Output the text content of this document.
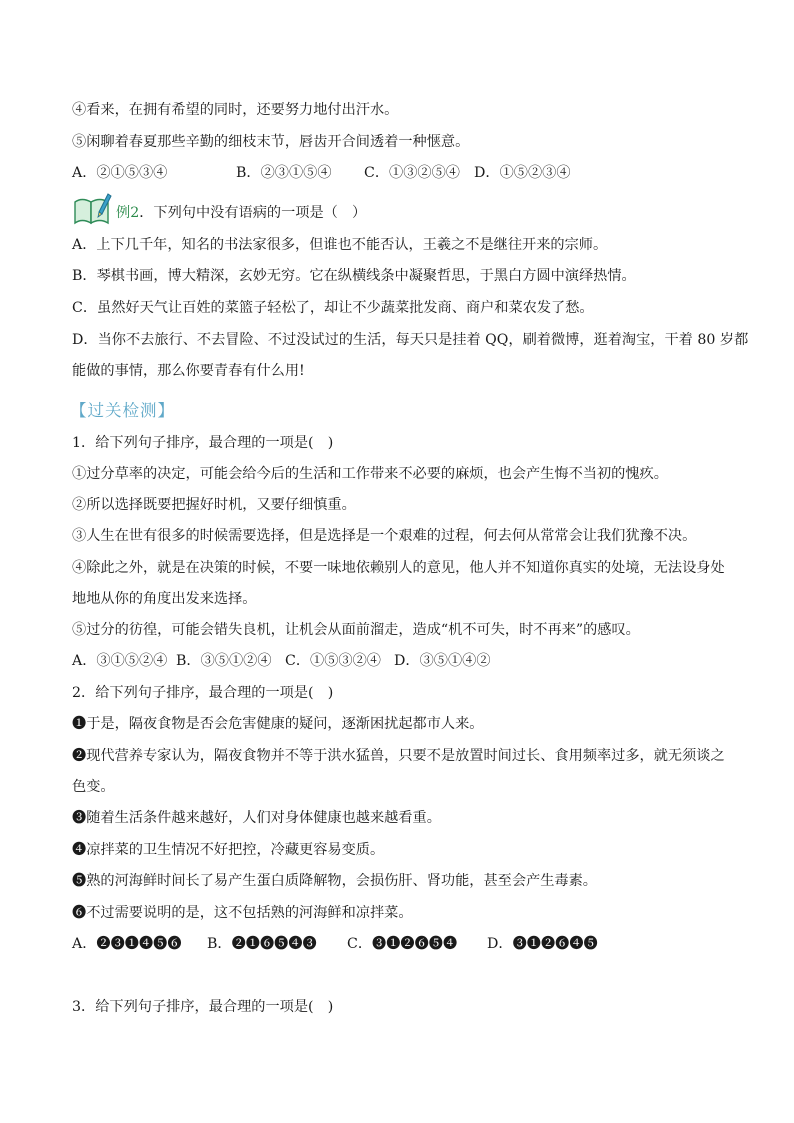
④看来，在拥有希望的同时，还要努力地付出汗水。
⑤闲聊着春夏那些辛勤的细枝末节，唇齿开合间透着一种惬意。
A．②①⑤③④	B．②③①⑤④ C．①③②⑤④ D．①⑤②③④
例2．下列句中没有语病的一项是（　）
A．上下几千年，知名的书法家很多，但谁也不能否认，王羲之不是继往开来的宗师。
B．琴棋书画，博大精深，玄妙无穷。它在纵横线条中凝聚哲思，于黑白方圆中演绎热情。
C．虽然好天气让百姓的菜篮子轻松了，却让不少蔬菜批发商、商户和菜农发了愁。
D．当你不去旅行、不去冒险、不过没试过的生活，每天只是挂着 QQ，刷着微博，逛着淘宝，干着 80 岁都
能做的事情，那么你要青春有什么用!
【过关检测】
1．给下列句子排序，最合理的一项是(　)
①过分草率的决定，可能会给今后的生活和工作带来不必要的麻烦，也会产生悔不当初的愧疚。
②所以选择既要把握好时机，又要仔细慎重。
③人生在世有很多的时候需要选择，但是选择是一个艰难的过程，何去何从常常会让我们犹豫不决。
④除此之外，就是在决策的时候，不要一味地依赖别人的意见，他人并不知道你真实的处境，无法设身处
地地从你的角度出发来选择。
⑤过分的彷徨，可能会错失良机，让机会从面前溜走，造成“机不可失，时不再来”的感叹。
A．③①⑤②④ B．③⑤①②④ C．①⑤③②④ D．③⑤①④②
2．给下列句子排序，最合理的一项是(　)
❶于是，隔夜食物是否会危害健康的疑问，逐渐困扰起都市人来。
❷现代营养专家认为，隔夜食物并不等于洪水猛兽，只要不是放置时间过长、食用频率过多，就无须谈之
色变。
❸随着生活条件越来越好，人们对身体健康也越来越看重。
❹凉拌菜的卫生情况不好把控，冷藏更容易变质。
❺熟的河海鲜时间长了易产生蛋白质降解物，会损伤肝、肾功能，甚至会产生毒素。
❻不过需要说明的是，这不包括熟的河海鲜和凉拌菜。
A．❷❸❶❹❺❻ B．❷❶❻❺❹❸ C．❸❶❷❻❺❹ D．❸❶❷❻❹❺
3．给下列句子排序，最合理的一项是(　)
